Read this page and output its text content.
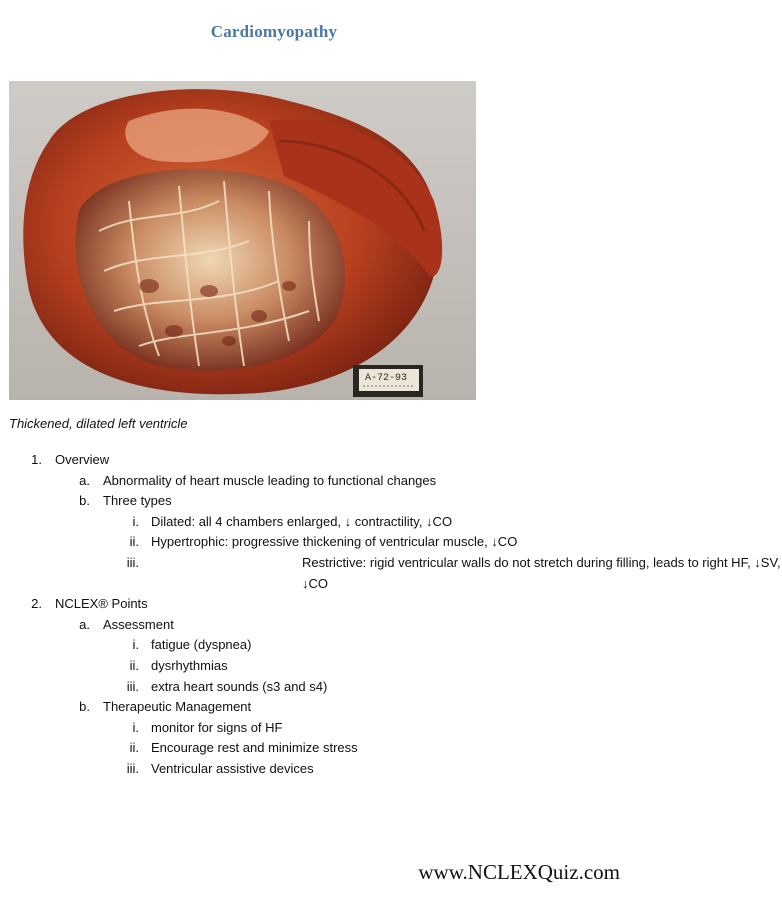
Cardiomyopathy
A-72-93
Thickened, dilated left ventricle
1. Overview
a. Abnormality of heart muscle leading to functional changes
b. Three types
i. Dilated: all 4 chambers enlarged, ↓ contractility, ↓CO
ii. Hypertrophic: progressive thickening of ventricular muscle, ↓CO
iii.	Restrictive: rigid ventricular walls do not stretch during filling, leads to right HF, ↓SV, ↓CO
2. NCLEX® Points
a. Assessment
i. fatigue (dyspnea)
ii. dysrhythmias
iii. extra heart sounds (s3 and s4)
b. Therapeutic Management
i. monitor for signs of HF
ii. Encourage rest and minimize stress
iii. Ventricular assistive devices
www.NCLEXQuiz.com
